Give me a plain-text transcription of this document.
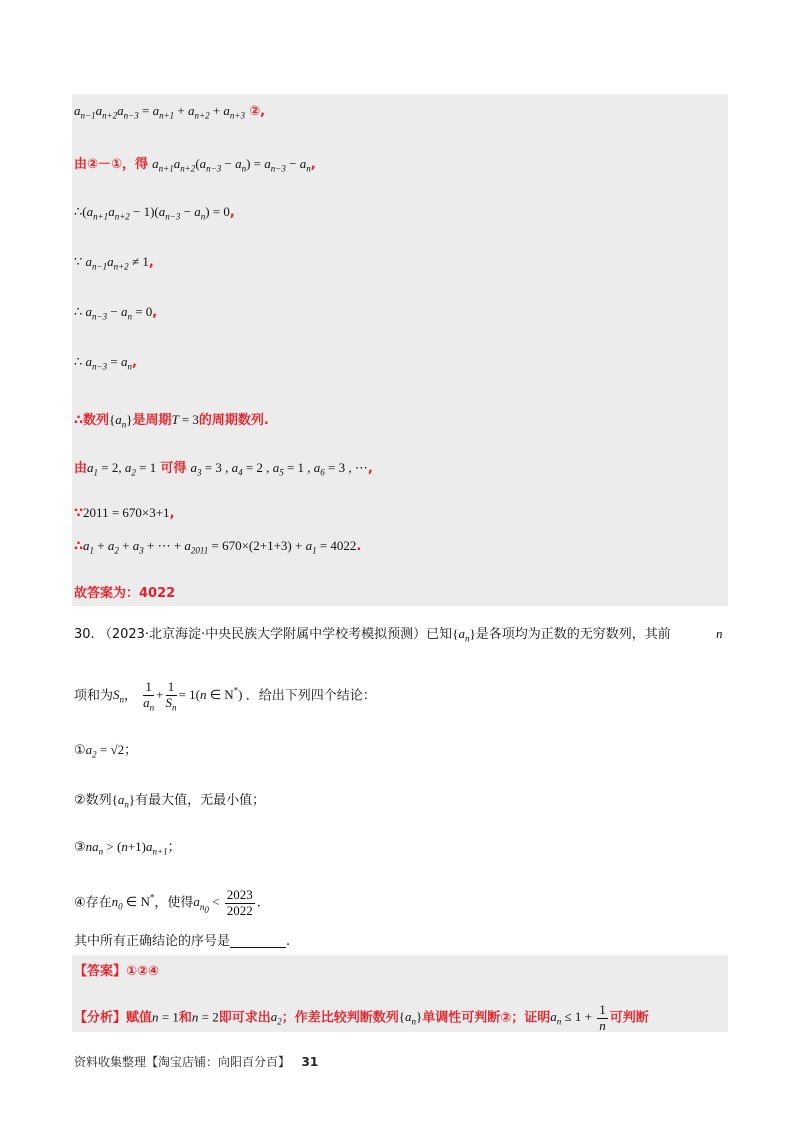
$a_{n-1}a_{n+2}a_{n-3} = a_{n+1} + a_{n+2} + a_{n+3}$ ②,
由②－①，得 $a_{n+1}a_{n+2}(a_{n-3} - a_n) = a_{n-3} - a_n$,
$\therefore(a_{n+1}a_{n+2} - 1)(a_{n-3} - a_n) = 0$,
∵ $a_{n-1}a_{n+2} \ne 1$,
∴ $a_{n-3} - a_n = 0$,
∴ $a_{n-3} = a_n$,
∴数列$\{a_n\}$是周期T = 3的周期数列.
由$a_1 = 2$, $a_2 = 1$ 可得 $a_3 = 3$ , $a_4 = 2$ , $a_5 = 1$ , $a_6 = 3$ , ⋯,
∵2011 = 670×3+1,
$\therefore a_1 + a_2 + a_3$ + ⋯ + $a_{2011} = 670\times(2+1+3) + a_1 = 4022$.
故答案为：4022
30. （2023·北京海淀·中央民族大学附属中学校考模拟预测）已知$\{a_n\}$是各项均为正数的无穷数列，其前	n
项和为$S_n$， $\frac{1}{a_n} + \frac{1}{S_n} = 1(n$ ∈ N*) ．给出下列四个结论：
$①a_2 = √2$；
②数列$\{a_n\}$有最大值，无最小值；
$③na_n > (n+1)a_{n+1}$；
④存在$n_0$ ∈ N*，使得$a_{n_0} < \frac{2023}{2022}$ .
其中所有正确结论的序号是	.
【答案】①②④
【分析】赋值n = 1和n = 2即可求出$a_2$；作差比较判断数列$\{a_n\}$单调性可判断②；证明$a_n \le 1 + \frac{1}{n}$ 可判断
资料收集整理【淘宝店铺：向阳百分百】 31
